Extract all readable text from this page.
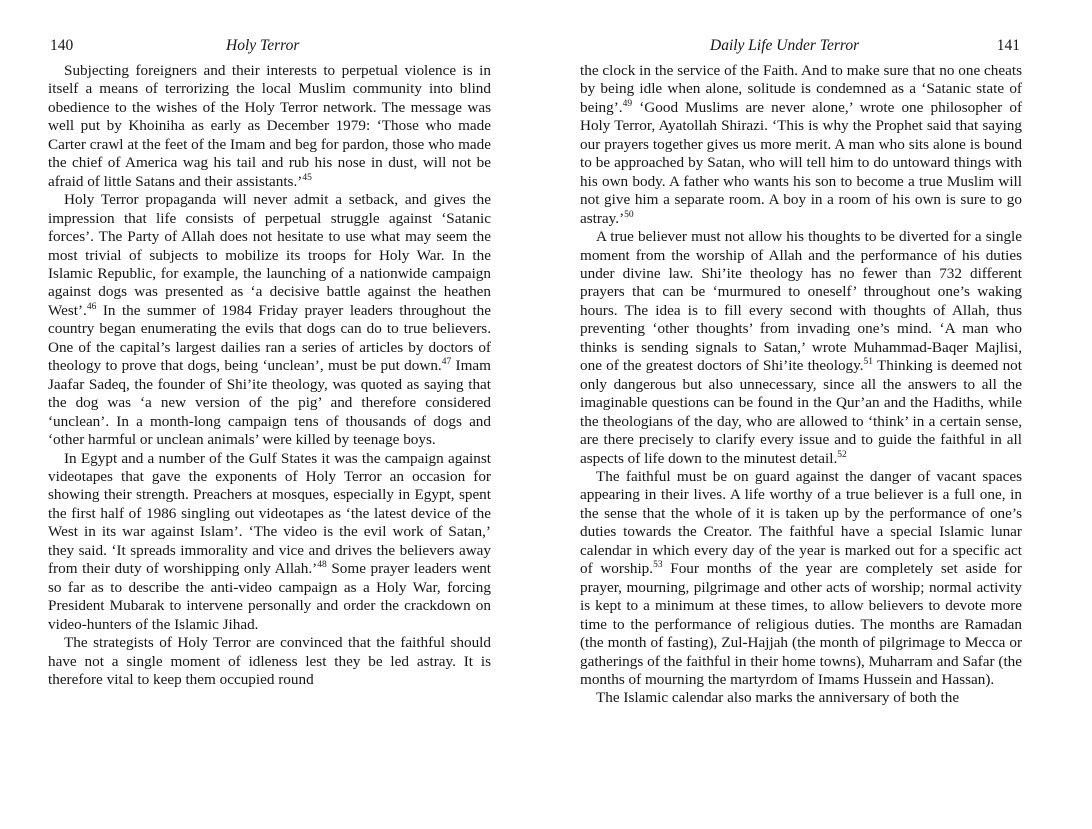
140	Holy Terror

Subjecting foreigners and their interests to perpetual violence is in itself a means of terrorizing the local Muslim community into blind obedience to the wishes of the Holy Terror network. The message was well put by Khoiniha as early as December 1979: ‘Those who made Carter crawl at the feet of the Imam and beg for pardon, those who made the chief of America wag his tail and rub his nose in dust, will not be afraid of little Satans and their assistants.’$^{45}$

Holy Terror propaganda will never admit a setback, and gives the impression that life consists of perpetual struggle against ‘Satanic forces’. The Party of Allah does not hesitate to use what may seem the most trivial of subjects to mobilize its troops for Holy War. In the Islamic Republic, for example, the launching of a nationwide campaign against dogs was presented as ‘a decisive battle against the heathen West’.$^{46}$ In the summer of 1984 Friday prayer leaders throughout the country began enumerating the evils that dogs can do to true believers. One of the capital’s largest dailies ran a series of articles by doctors of theology to prove that dogs, being ‘unclean’, must be put down.$^{47}$ Imam Jaafar Sadeq, the founder of Shi’ite theology, was quoted as saying that the dog was ‘a new version of the pig’ and therefore considered ‘unclean’. In a month-long campaign tens of thousands of dogs and ‘other harmful or unclean animals’ were killed by teenage boys.

In Egypt and a number of the Gulf States it was the campaign against videotapes that gave the exponents of Holy Terror an occasion for showing their strength. Preachers at mosques, especially in Egypt, spent the first half of 1986 singling out videotapes as ‘the latest device of the West in its war against Islam’. ‘The video is the evil work of Satan,’ they said. ‘It spreads immorality and vice and drives the believers away from their duty of worshipping only Allah.’$^{48}$ Some prayer leaders went so far as to describe the anti-video campaign as a Holy War, forcing President Mubarak to intervene personally and order the crackdown on video-hunters of the Islamic Jihad.

The strategists of Holy Terror are convinced that the faithful should have not a single moment of idleness lest they be led astray. It is therefore vital to keep them occupied round

Daily Life Under Terror	141

the clock in the service of the Faith. And to make sure that no one cheats by being idle when alone, solitude is condemned as a ‘Satanic state of being’.$^{49}$ ‘Good Muslims are never alone,’ wrote one philosopher of Holy Terror, Ayatollah Shirazi. ‘This is why the Prophet said that saying our prayers together gives us more merit. A man who sits alone is bound to be approached by Satan, who will tell him to do untoward things with his own body. A father who wants his son to become a true Muslim will not give him a separate room. A boy in a room of his own is sure to go astray.’$^{50}$

A true believer must not allow his thoughts to be diverted for a single moment from the worship of Allah and the performance of his duties under divine law. Shi’ite theology has no fewer than 732 different prayers that can be ‘murmured to oneself’ throughout one’s waking hours. The idea is to fill every second with thoughts of Allah, thus preventing ‘other thoughts’ from invading one’s mind. ‘A man who thinks is sending signals to Satan,’ wrote Muhammad-Baqer Majlisi, one of the greatest doctors of Shi’ite theology.$^{51}$ Thinking is deemed not only dangerous but also unnecessary, since all the answers to all the imaginable questions can be found in the Qur’an and the Hadiths, while the theologians of the day, who are allowed to ‘think’ in a certain sense, are there precisely to clarify every issue and to guide the faithful in all aspects of life down to the minutest detail.$^{52}$

The faithful must be on guard against the danger of vacant spaces appearing in their lives. A life worthy of a true believer is a full one, in the sense that the whole of it is taken up by the performance of one’s duties towards the Creator. The faithful have a special Islamic lunar calendar in which every day of the year is marked out for a specific act of worship.$^{53}$ Four months of the year are completely set aside for prayer, mourning, pilgrimage and other acts of worship; normal activity is kept to a minimum at these times, to allow believers to devote more time to the performance of religious duties. The months are Ramadan (the month of fasting), Zul-Hajjah (the month of pilgrimage to Mecca or gatherings of the faithful in their home towns), Muharram and Safar (the months of mourning the martyrdom of Imams Hussein and Hassan).

The Islamic calendar also marks the anniversary of both the
